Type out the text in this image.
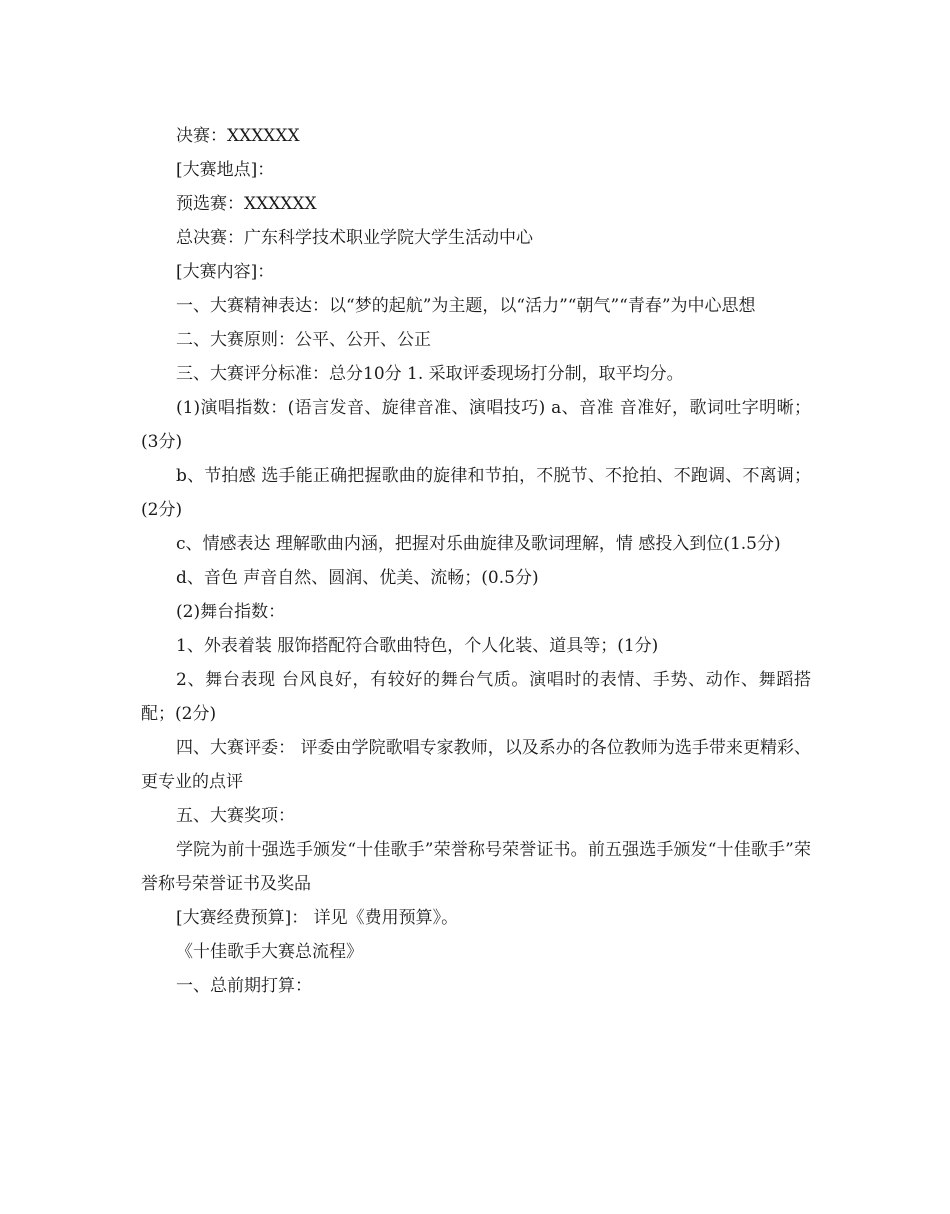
决赛：XXXXXX

[大赛地点]：

预选赛：XXXXXX

总决赛：广东科学技术职业学院大学生活动中心

[大赛内容]：

一、大赛精神表达：以“梦的起航”为主题，以“活力”“朝气”“青春”为中心思想

二、大赛原则：公平、公开、公正

三、大赛评分标准：总分10分 1. 采取评委现场打分制，取平均分。

(1)演唱指数：(语言发音、旋律音准、演唱技巧) a、音准 音准好，歌词吐字明晰；(3分)

b、节拍感 选手能正确把握歌曲的旋律和节拍，不脱节、不抢拍、不跑调、不离调；(2分)

c、情感表达 理解歌曲内涵，把握对乐曲旋律及歌词理解，情 感投入到位(1.5分)

d、音色 声音自然、圆润、优美、流畅；(0.5分)

(2)舞台指数：

1、外表着装 服饰搭配符合歌曲特色，个人化装、道具等；(1分)

2、舞台表现 台风良好，有较好的舞台气质。演唱时的表情、手势、动作、舞蹈搭配；(2分)

四、大赛评委： 评委由学院歌唱专家教师，以及系办的各位教师为选手带来更精彩、更专业的点评

五、大赛奖项：

学院为前十强选手颁发“十佳歌手”荣誉称号荣誉证书。前五强选手颁发“十佳歌手”荣誉称号荣誉证书及奖品

[大赛经费预算]： 详见《费用预算》。

《十佳歌手大赛总流程》

一、总前期打算：
